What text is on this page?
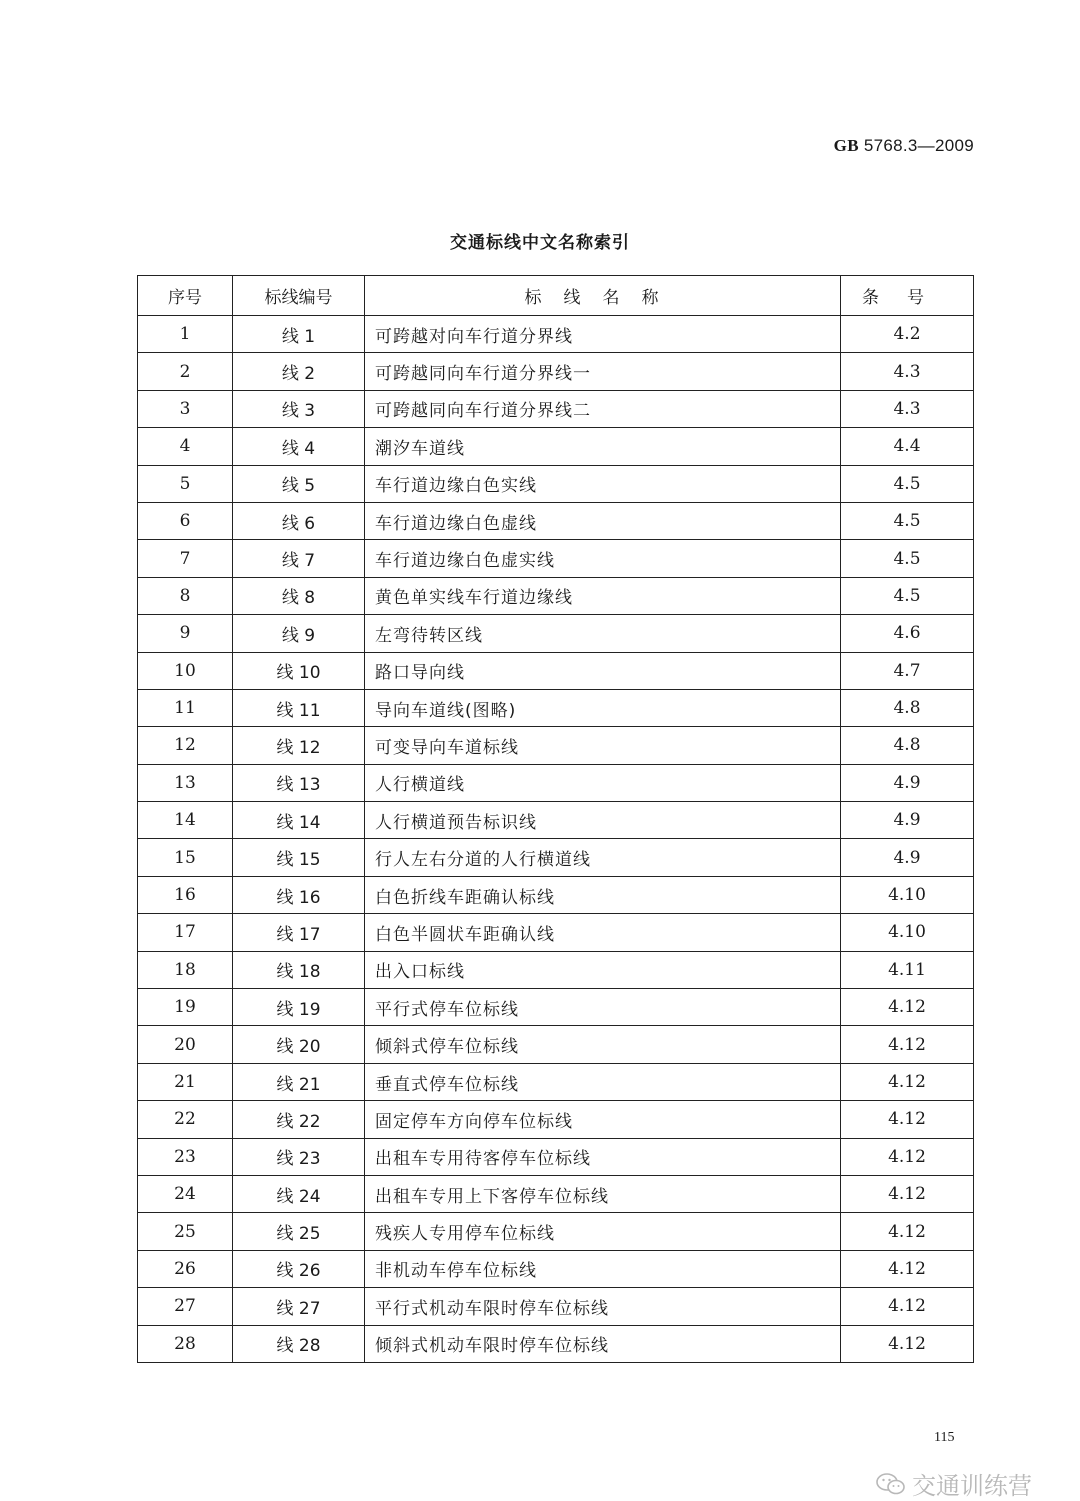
GB 5768.3—2009
交通标线中文名称索引
序号	标线编号	标线名称	条号
1	线 1	可跨越对向车行道分界线	4.2
2	线 2	可跨越同向车行道分界线一	4.3
3	线 3	可跨越同向车行道分界线二	4.3
4	线 4	潮汐车道线	4.4
5	线 5	车行道边缘白色实线	4.5
6	线 6	车行道边缘白色虚线	4.5
7	线 7	车行道边缘白色虚实线	4.5
8	线 8	黄色单实线车行道边缘线	4.5
9	线 9	左弯待转区线	4.6
10	线 10	路口导向线	4.7
11	线 11	导向车道线(图略)	4.8
12	线 12	可变导向车道标线	4.8
13	线 13	人行横道线	4.9
14	线 14	人行横道预告标识线	4.9
15	线 15	行人左右分道的人行横道线	4.9
16	线 16	白色折线车距确认标线	4.10
17	线 17	白色半圆状车距确认线	4.10
18	线 18	出入口标线	4.11
19	线 19	平行式停车位标线	4.12
20	线 20	倾斜式停车位标线	4.12
21	线 21	垂直式停车位标线	4.12
22	线 22	固定停车方向停车位标线	4.12
23	线 23	出租车专用待客停车位标线	4.12
24	线 24	出租车专用上下客停车位标线	4.12
25	线 25	残疾人专用停车位标线	4.12
26	线 26	非机动车停车位标线	4.12
27	线 27	平行式机动车限时停车位标线	4.12
28	线 28	倾斜式机动车限时停车位标线	4.12
115
交通训练营
